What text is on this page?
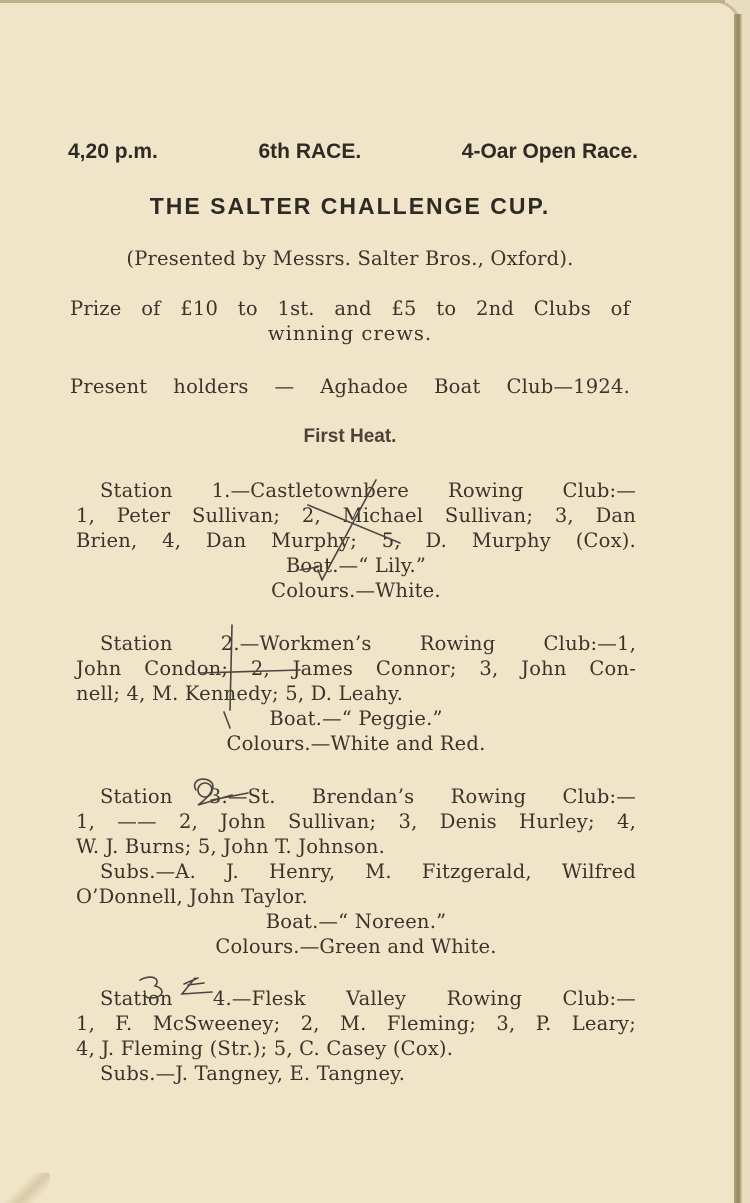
4,20 p.m.	6th RACE.	4-Oar Open Race.
THE SALTER CHALLENGE CUP.
(Presented by Messrs. Salter Bros., Oxford).
Prize of £10 to 1st. and £5 to 2nd Clubs of
winning crews.
Present holders — Aghadoe Boat Club—1924.
First Heat.
Station 1.—Castletownbere Rowing Club:—
1, Peter Sullivan; 2, Michael Sullivan; 3, Dan
Brien, 4, Dan Murphy; 5, D. Murphy (Cox).
Boat.—“ Lily.”
Colours.—White.
Station 2.—Workmen’s Rowing Club:—1,
John Condon; 2, James Connor; 3, John Con-
nell; 4, M. Kennedy; 5, D. Leahy.
Boat.—“ Peggie.”
Colours.—White and Red.
Station 3.—St. Brendan’s Rowing Club:—
1, —— 2, John Sullivan; 3, Denis Hurley; 4,
W. J. Burns; 5, John T. Johnson.
Subs.—A. J. Henry, M. Fitzgerald, Wilfred
O’Donnell, John Taylor.
Boat.—“ Noreen.”
Colours.—Green and White.
Station 4.—Flesk Valley Rowing Club:—
1, F. McSweeney; 2, M. Fleming; 3, P. Leary;
4, J. Fleming (Str.); 5, C. Casey (Cox).
Subs.—J. Tangney, E. Tangney.
